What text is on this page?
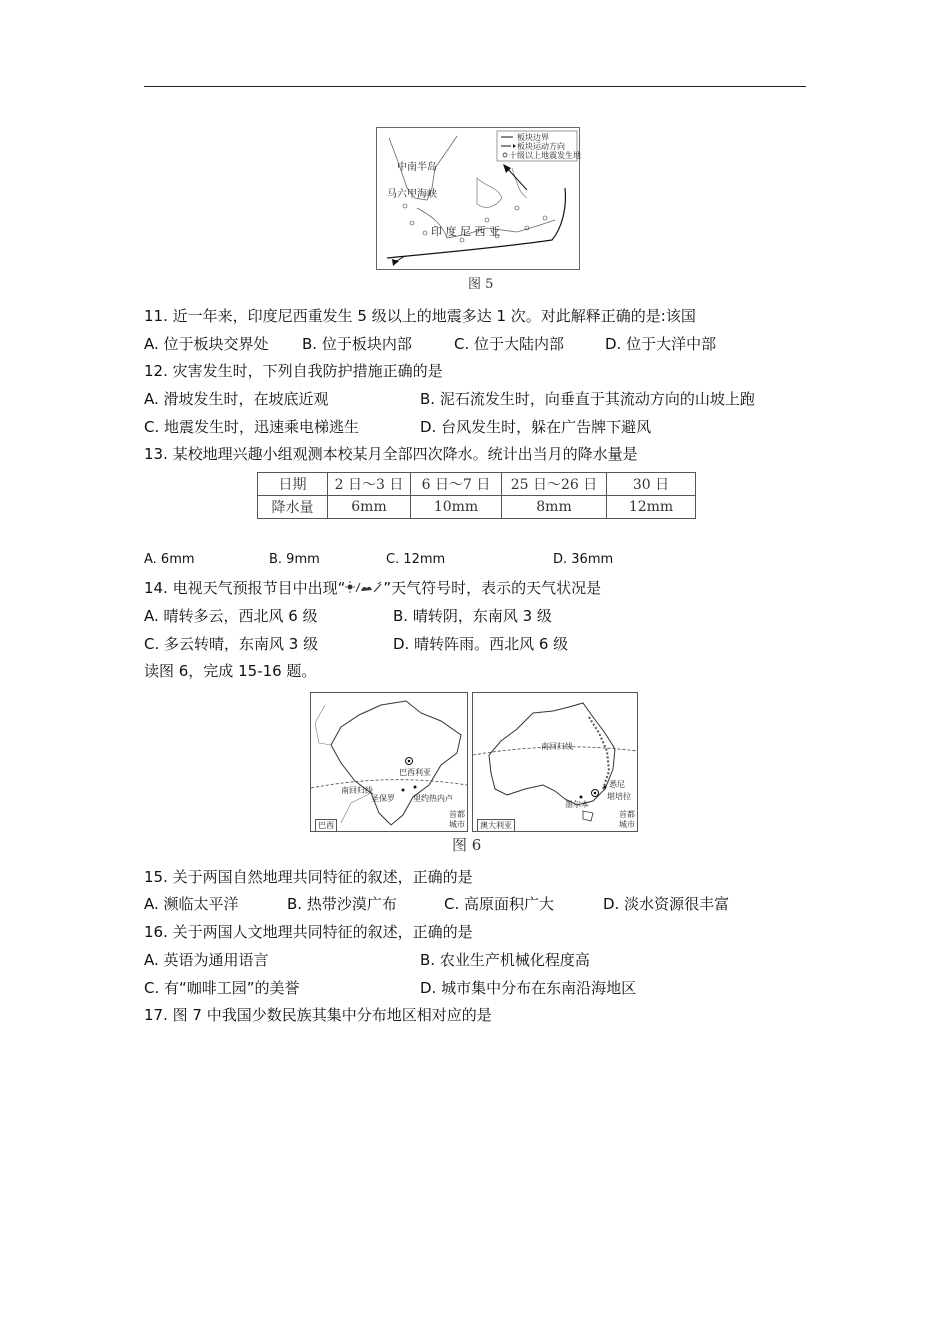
中南半岛
马六甲海峡
印 度 尼 西 亚
板块边界
板块运动方向
十级以上地震发生地
图 5
11. 近一年来，印度尼西重发生 5 级以上的地震多达 1 次。对此解释正确的是:该国
A. 位于板块交界处 B. 位于板块内部	C. 位于大陆内部	D. 位于大洋中部
12. 灾害发生时，下列自我防护措施正确的是
A. 滑坡发生时，在坡底近观	B. 泥石流发生时，向垂直于其流动方向的山坡上跑
C. 地震发生时，迅速乘电梯逃生	D. 台风发生时，躲在广告牌下避风
13. 某校地理兴趣小组观测本校某月全部四次降水。统计出当月的降水量是
日期	2 日～3 日	6 日～7 日	25 日～26 日	30 日
降水量	6mm	10mm	8mm	12mm
A. 6mm	B. 9mm	C. 12mm	D. 36mm
14. 电视天气预报节目中出现“	”天气符号时，表示的天气状况是
A. 晴转多云，西北风 6 级	B. 晴转阴，东南风 3 级
C. 多云转晴，东南风 3 级	D. 晴转阵雨。西北风 6 级
读图 6，完成 15-16 题。
巴西利亚
南回归线
圣保罗 里约热内卢
巴西
首都
城市
南回归线
悉尼
堪培拉
墨尔本
澳大利亚
首都
城市
图 6
15. 关于两国自然地理共同特征的叙述，正确的是
A. 濒临太平洋	B. 热带沙漠广布	C. 高原面积广大	D. 淡水资源很丰富
16. 关于两国人文地理共同特征的叙述，正确的是
A. 英语为通用语言	B. 农业生产机械化程度高
C. 有“咖啡工园”的美誉	D. 城市集中分布在东南沿海地区
17. 图 7 中我国少数民族其集中分布地区相对应的是
